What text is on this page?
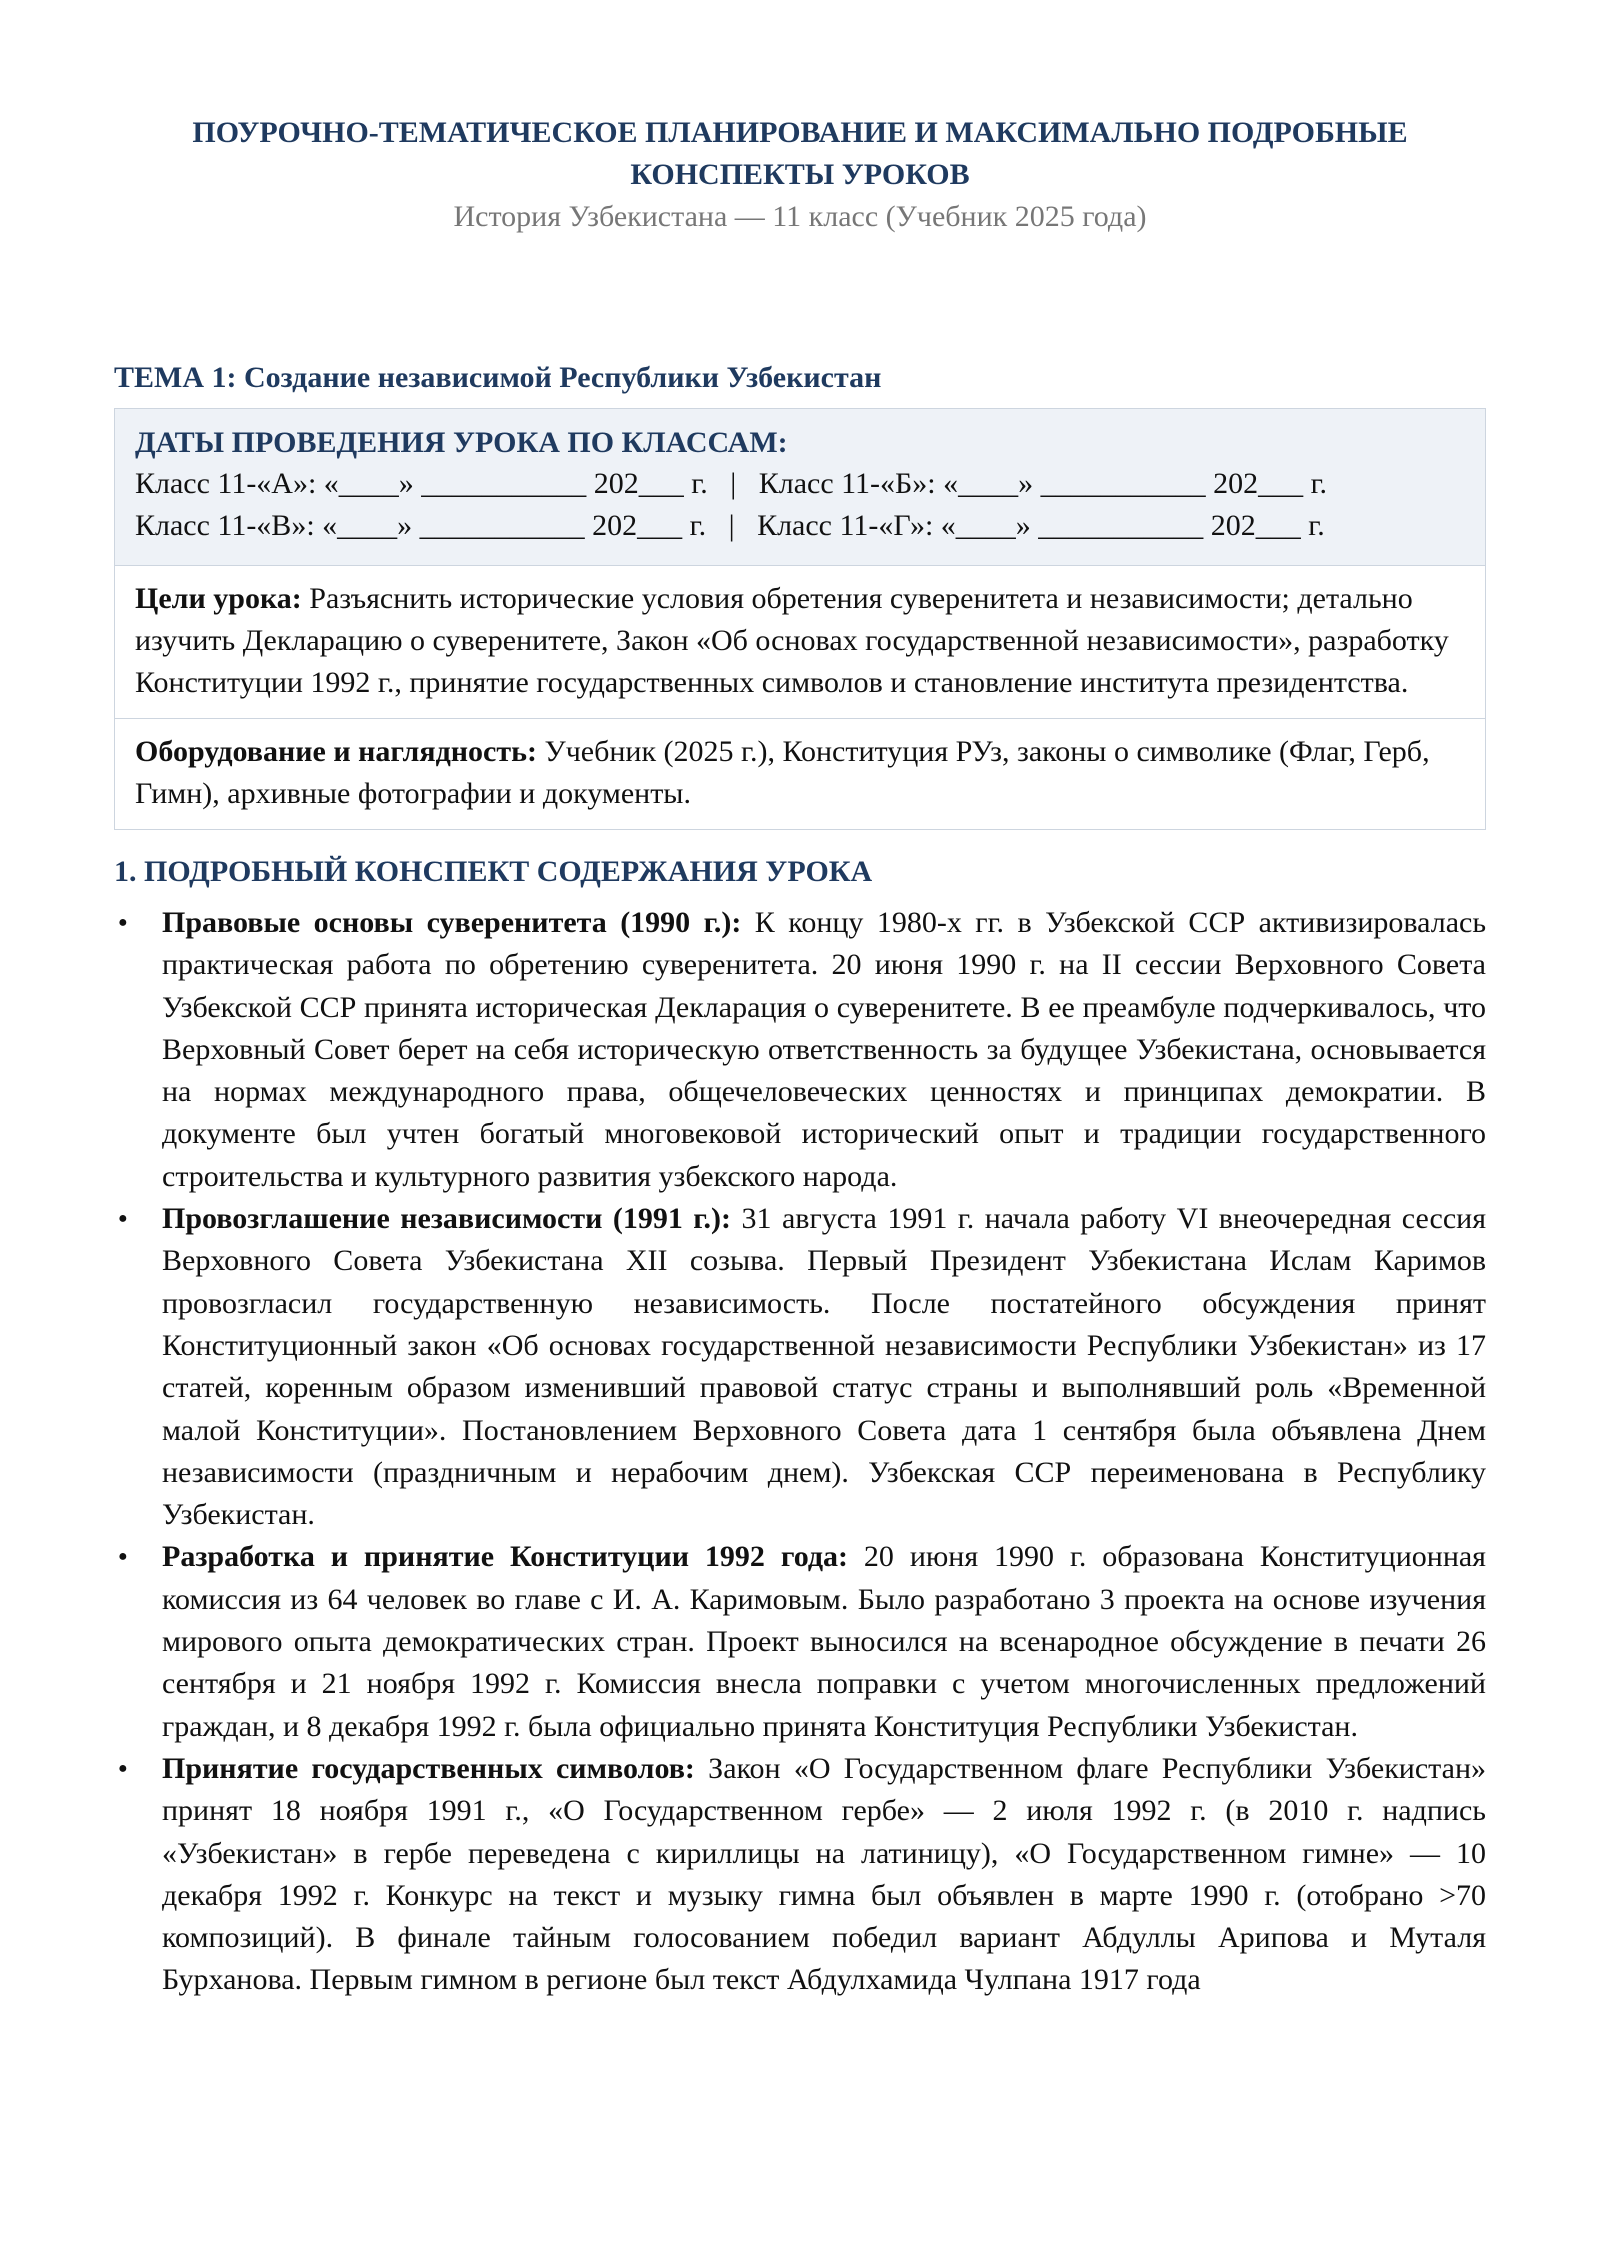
ПОУРОЧНО-ТЕМАТИЧЕСКОЕ ПЛАНИРОВАНИЕ И МАКСИМАЛЬНО ПОДРОБНЫЕ
КОНСПЕКТЫ УРОКОВ
История Узбекистана — 11 класс (Учебник 2025 года)
ТЕМА 1: Создание независимой Республики Узбекистан
ДАТЫ ПРОВЕДЕНИЯ УРОКА ПО КЛАССАМ:
Класс 11-«А»: «____» ___________ 202___ г.   |   Класс 11-«Б»: «____» ___________ 202___ г.
Класс 11-«В»: «____» ___________ 202___ г.   |   Класс 11-«Г»: «____» ___________ 202___ г.
Цели урока: Разъяснить исторические условия обретения суверенитета и независимости; детально изучить Декларацию о суверенитете, Закон «Об основах государственной независимости», разработку Конституции 1992 г., принятие государственных символов и становление института президентства.
Оборудование и наглядность: Учебник (2025 г.), Конституция РУз, законы о символике (Флаг, Герб, Гимн), архивные фотографии и документы.
1. ПОДРОБНЫЙ КОНСПЕКТ СОДЕРЖАНИЯ УРОКА
Правовые основы суверенитета (1990 г.): К концу 1980-х гг. в Узбекской ССР активизировалась практическая работа по обретению суверенитета. 20 июня 1990 г. на II сессии Верховного Совета Узбекской ССР принята историческая Декларация о суверенитете. В ее преамбуле подчеркивалось, что Верховный Совет берет на себя историческую ответственность за будущее Узбекистана, основывается на нормах международного права, общечеловеческих ценностях и принципах демократии. В документе был учтен богатый многовековой исторический опыт и традиции государственного строительства и культурного развития узбекского народа.
Провозглашение независимости (1991 г.): 31 августа 1991 г. начала работу VI внеочередная сессия Верховного Совета Узбекистана XII созыва. Первый Президент Узбекистана Ислам Каримов провозгласил государственную независимость. После постатейного обсуждения принят Конституционный закон «Об основах государственной независимости Республики Узбекистан» из 17 статей, коренным образом изменивший правовой статус страны и выполнявший роль «Временной малой Конституции». Постановлением Верховного Совета дата 1 сентября была объявлена Днем независимости (праздничным и нерабочим днем). Узбекская ССР переименована в Республику Узбекистан.
Разработка и принятие Конституции 1992 года: 20 июня 1990 г. образована Конституционная комиссия из 64 человек во главе с И. А. Каримовым. Было разработано 3 проекта на основе изучения мирового опыта демократических стран. Проект выносился на всенародное обсуждение в печати 26 сентября и 21 ноября 1992 г. Комиссия внесла поправки с учетом многочисленных предложений граждан, и 8 декабря 1992 г. была официально принята Конституция Республики Узбекистан.
Принятие государственных символов: Закон «О Государственном флаге Республики Узбекистан» принят 18 ноября 1991 г., «О Государственном гербе» — 2 июля 1992 г. (в 2010 г. надпись «Узбекистан» в гербе переведена с кириллицы на латиницу), «О Государственном гимне» — 10 декабря 1992 г. Конкурс на текст и музыку гимна был объявлен в марте 1990 г. (отобрано >70 композиций). В финале тайным голосованием победил вариант Абдуллы Арипова и Муталя Бурханова. Первым гимном в регионе был текст Абдулхамида Чулпана 1917 года
